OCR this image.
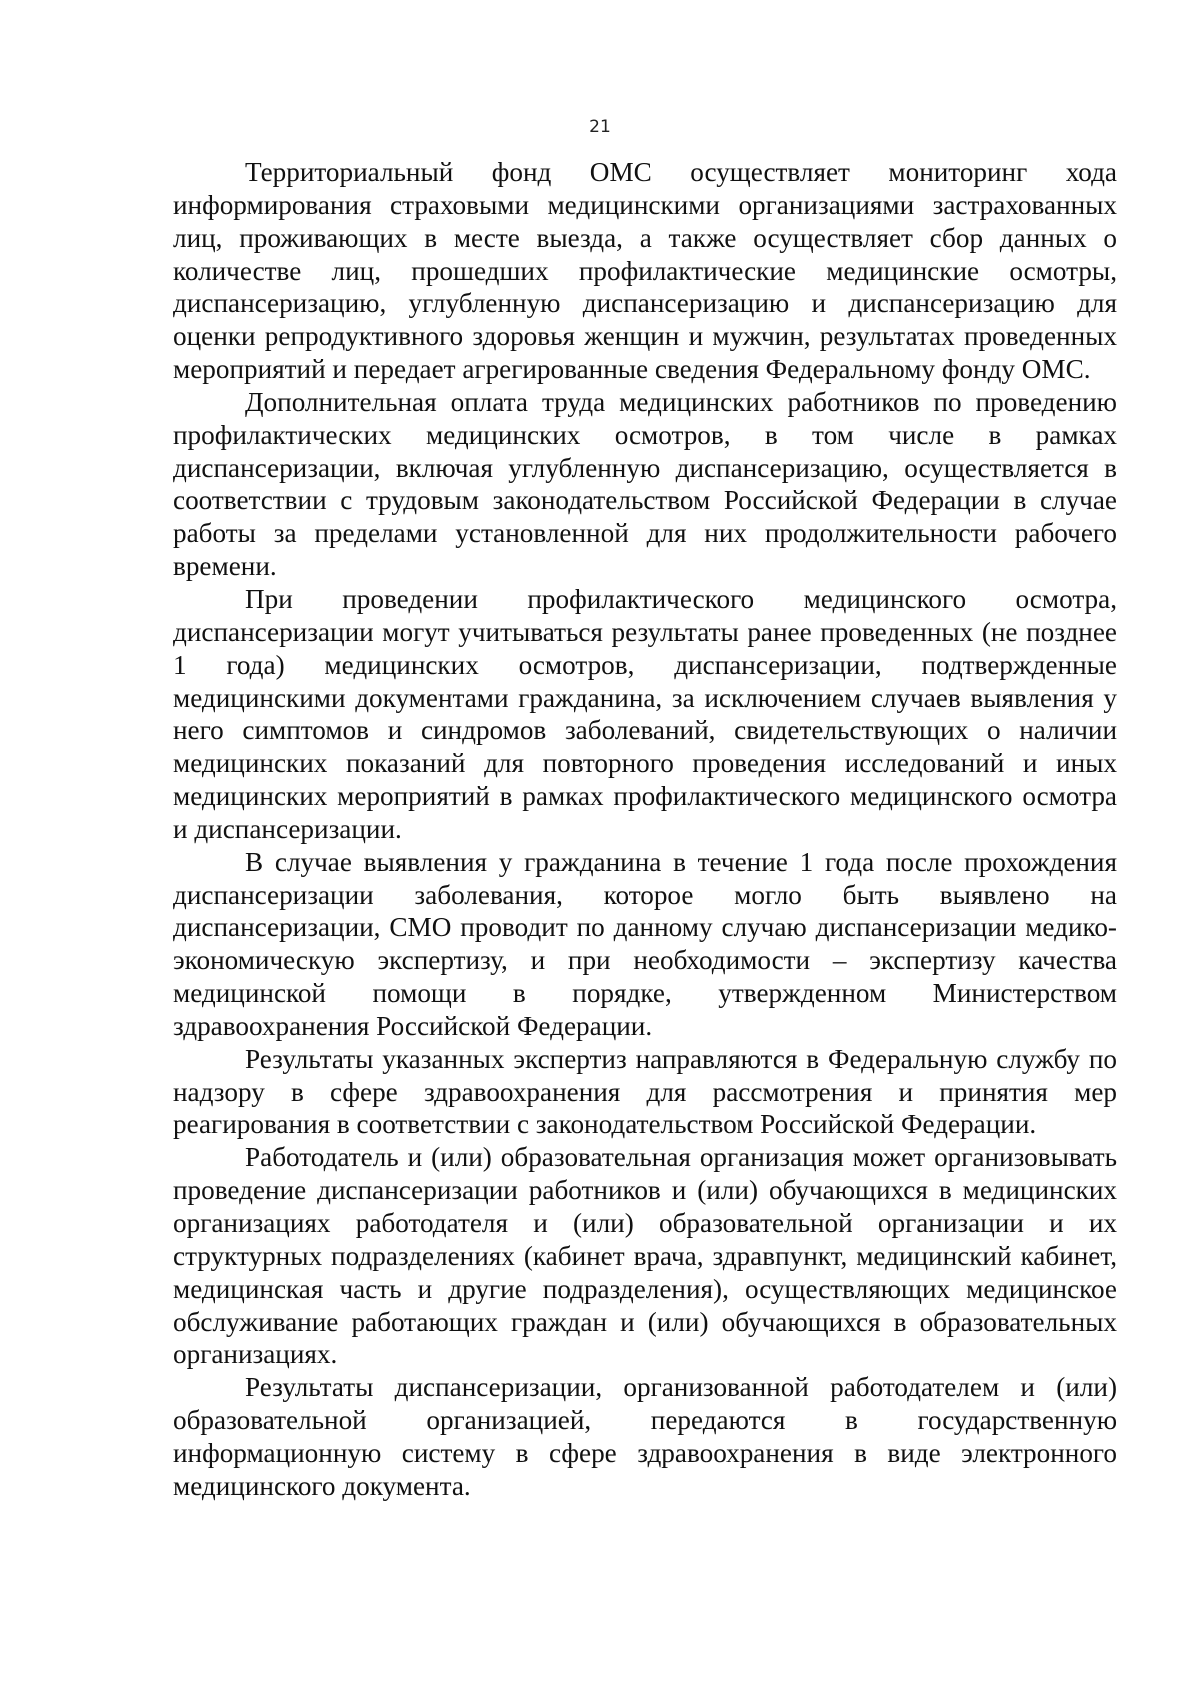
21

Территориальный фонд ОМС осуществляет мониторинг хода информирования страховыми медицинскими организациями застрахованных лиц, проживающих в месте выезда, а также осуществляет сбор данных о количестве лиц, прошедших профилактические медицинские осмотры, диспансеризацию, углубленную диспансеризацию и диспансеризацию для оценки репродуктивного здоровья женщин и мужчин, результатах проведенных мероприятий и передает агрегированные сведения Федеральному фонду ОМС.

Дополнительная оплата труда медицинских работников по проведению профилактических медицинских осмотров, в том числе в рамках диспансеризации, включая углубленную диспансеризацию, осуществляется в соответствии с трудовым законодательством Российской Федерации в случае работы за пределами установленной для них продолжительности рабочего времени.

При проведении профилактического медицинского осмотра, диспансеризации могут учитываться результаты ранее проведенных (не позднее 1 года) медицинских осмотров, диспансеризации, подтвержденные медицинскими документами гражданина, за исключением случаев выявления у него симптомов и синдромов заболеваний, свидетельствующих о наличии медицинских показаний для повторного проведения исследований и иных медицинских мероприятий в рамках профилактического медицинского осмотра и диспансеризации.

В случае выявления у гражданина в течение 1 года после прохождения диспансеризации заболевания, которое могло быть выявлено на диспансеризации, СМО проводит по данному случаю диспансеризации медико-экономическую экспертизу, и при необходимости – экспертизу качества медицинской помощи в порядке, утвержденном Министерством здравоохранения Российской Федерации.

Результаты указанных экспертиз направляются в Федеральную службу по надзору в сфере здравоохранения для рассмотрения и принятия мер реагирования в соответствии с законодательством Российской Федерации.

Работодатель и (или) образовательная организация может организовывать проведение диспансеризации работников и (или) обучающихся в медицинских организациях работодателя и (или) образовательной организации и их структурных подразделениях (кабинет врача, здравпункт, медицинский кабинет, медицинская часть и другие подразделения), осуществляющих медицинское обслуживание работающих граждан и (или) обучающихся в образовательных организациях.

Результаты диспансеризации, организованной работодателем и (или) образовательной организацией, передаются в государственную информационную систему в сфере здравоохранения в виде электронного медицинского документа.
